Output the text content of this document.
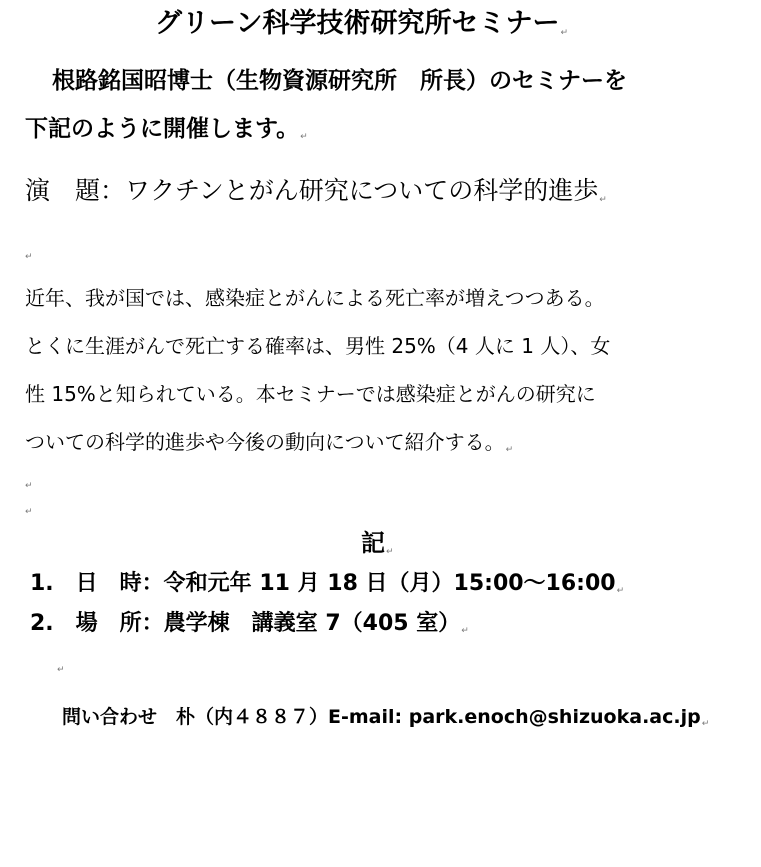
グリーン科学技術研究所セミナー↵
根路銘国昭博士（生物資源研究所　所長）のセミナーを
下記のように開催します。↵
演　題：ワクチンとがん研究についての科学的進歩↵
↵
近年、我が国では、感染症とがんによる死亡率が増えつつある。
とくに生涯がんで死亡する確率は、男性 25%（4 人に 1 人）、女
性 15%と知られている。本セミナーでは感染症とがんの研究に
ついての科学的進歩や今後の動向について紹介する。↵
↵
↵
記↵
1.　日　時：令和元年 11 月 18 日（月）15:00〜16:00↵
2.　場　所：農学棟　講義室 7（405 室）↵
↵
問い合わせ　朴（内４８８７）E-mail: park.enoch@shizuoka.ac.jp↵
